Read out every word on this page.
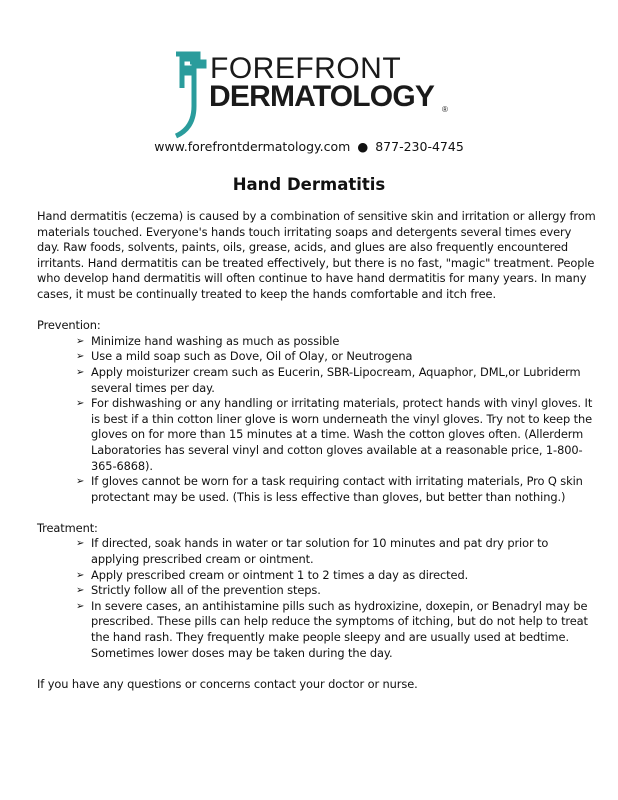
FOREFRONT
DERMATOLOGY ®
www.forefrontdermatology.com ● 877-230-4745
Hand Dermatitis

Hand dermatitis (eczema) is caused by a combination of sensitive skin and irritation or allergy from materials touched. Everyone's hands touch irritating soaps and detergents several times every day. Raw foods, solvents, paints, oils, grease, acids, and glues are also frequently encountered irritants. Hand dermatitis can be treated effectively, but there is no fast, "magic" treatment. People who develop hand dermatitis will often continue to have hand dermatitis for many years. In many cases, it must be continually treated to keep the hands comfortable and itch free.

Prevention:

➢ Minimize hand washing as much as possible
➢ Use a mild soap such as Dove, Oil of Olay, or Neutrogena
➢ Apply moisturizer cream such as Eucerin, SBR-Lipocream, Aquaphor, DML,or Lubriderm several times per day.
➢ For dishwashing or any handling or irritating materials, protect hands with vinyl gloves. It is best if a thin cotton liner glove is worn underneath the vinyl gloves. Try not to keep the gloves on for more than 15 minutes at a time. Wash the cotton gloves often. (Allerderm Laboratories has several vinyl and cotton gloves available at a reasonable price, 1-800-365-6868).
➢ If gloves cannot be worn for a task requiring contact with irritating materials, Pro Q skin protectant may be used. (This is less effective than gloves, but better than nothing.)

Treatment:

➢ If directed, soak hands in water or tar solution for 10 minutes and pat dry prior to applying prescribed cream or ointment.
➢ Apply prescribed cream or ointment 1 to 2 times a day as directed.
➢ Strictly follow all of the prevention steps.
➢ In severe cases, an antihistamine pills such as hydroxizine, doxepin, or Benadryl may be prescribed. These pills can help reduce the symptoms of itching, but do not help to treat the hand rash. They frequently make people sleepy and are usually used at bedtime. Sometimes lower doses may be taken during the day.

If you have any questions or concerns contact your doctor or nurse.
